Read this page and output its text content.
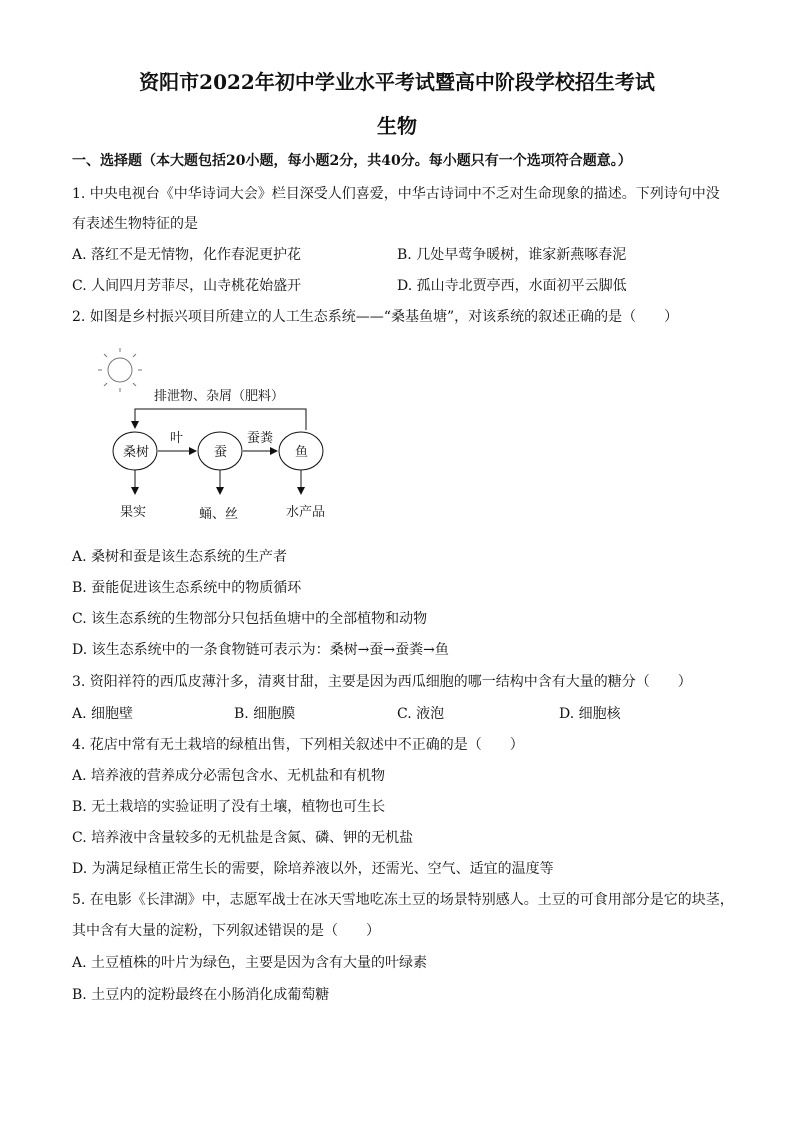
资阳市2022年初中学业水平考试暨高中阶段学校招生考试
生物
一、选择题（本大题包括20小题，每小题2分，共40分。每小题只有一个选项符合题意。）
1. 中央电视台《中华诗词大会》栏目深受人们喜爱，中华古诗词中不乏对生命现象的描述。下列诗句中没
有表述生物特征的是
A. 落红不是无情物，化作春泥更护花	B. 几处早莺争暖树，谁家新燕啄春泥
C. 人间四月芳菲尽，山寺桃花始盛开	D. 孤山寺北贾亭西，水面初平云脚低
2. 如图是乡村振兴项目所建立的人工生态系统——“桑基鱼塘”，对该系统的叙述正确的是（　　）
排泄物、杂屑（肥料）
桑树	蚕	鱼
叶	蚕粪
果实	蛹、丝	水产品
A. 桑树和蚕是该生态系统的生产者
B. 蚕能促进该生态系统中的物质循环
C. 该生态系统的生物部分只包括鱼塘中的全部植物和动物
D. 该生态系统中的一条食物链可表示为：桑树→蚕→蚕粪→鱼
3. 资阳祥符的西瓜皮薄汁多，清爽甘甜，主要是因为西瓜细胞的哪一结构中含有大量的糖分（　　）
A. 细胞壁	B. 细胞膜	C. 液泡	D. 细胞核
4. 花店中常有无土栽培的绿植出售，下列相关叙述中不正确的是（　　）
A. 培养液的营养成分必需包含水、无机盐和有机物
B. 无土栽培的实验证明了没有土壤，植物也可生长
C. 培养液中含量较多的无机盐是含氮、磷、钾的无机盐
D. 为满足绿植正常生长的需要，除培养液以外，还需光、空气、适宜的温度等
5. 在电影《长津湖》中，志愿军战士在冰天雪地吃冻土豆的场景特别感人。土豆的可食用部分是它的块茎，
其中含有大量的淀粉，下列叙述错误的是（　　）
A. 土豆植株的叶片为绿色，主要是因为含有大量的叶绿素
B. 土豆内的淀粉最终在小肠消化成葡萄糖
